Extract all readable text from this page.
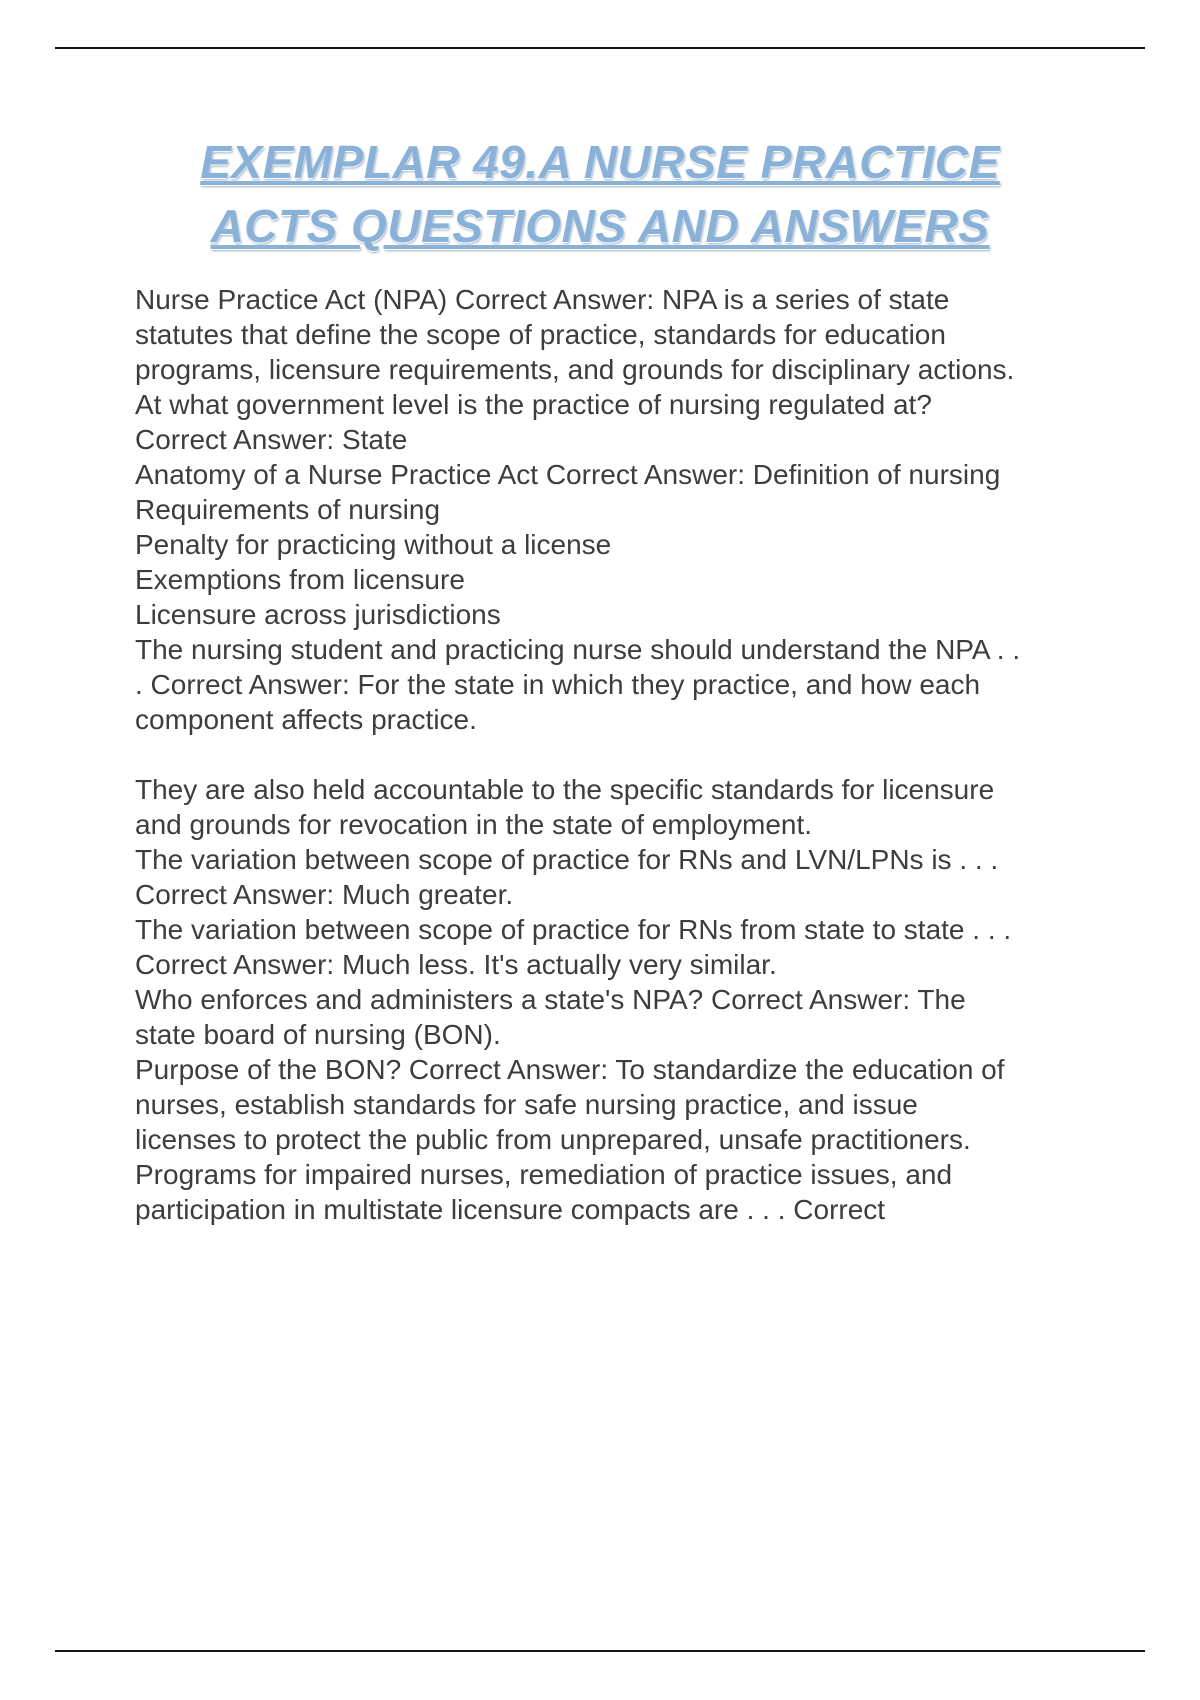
EXEMPLAR 49.A NURSE PRACTICE
ACTS QUESTIONS AND ANSWERS

Nurse Practice Act (NPA) Correct Answer: NPA is a series of state statutes that define the scope of practice, standards for education programs, licensure requirements, and grounds for disciplinary actions.

At what government level is the practice of nursing regulated at? Correct Answer: State

Anatomy of a Nurse Practice Act Correct Answer: Definition of nursing

Requirements of nursing

Penalty for practicing without a license

Exemptions from licensure

Licensure across jurisdictions

The nursing student and practicing nurse should understand the NPA . . . Correct Answer: For the state in which they practice, and how each component affects practice.

They are also held accountable to the specific standards for licensure and grounds for revocation in the state of employment.

The variation between scope of practice for RNs and LVN/LPNs is . . . Correct Answer: Much greater.

The variation between scope of practice for RNs from state to state . . . Correct Answer: Much less. It's actually very similar.

Who enforces and administers a state's NPA? Correct Answer: The state board of nursing (BON).

Purpose of the BON? Correct Answer: To standardize the education of nurses, establish standards for safe nursing practice, and issue licenses to protect the public from unprepared, unsafe practitioners.

Programs for impaired nurses, remediation of practice issues, and participation in multistate licensure compacts are . . . Correct
